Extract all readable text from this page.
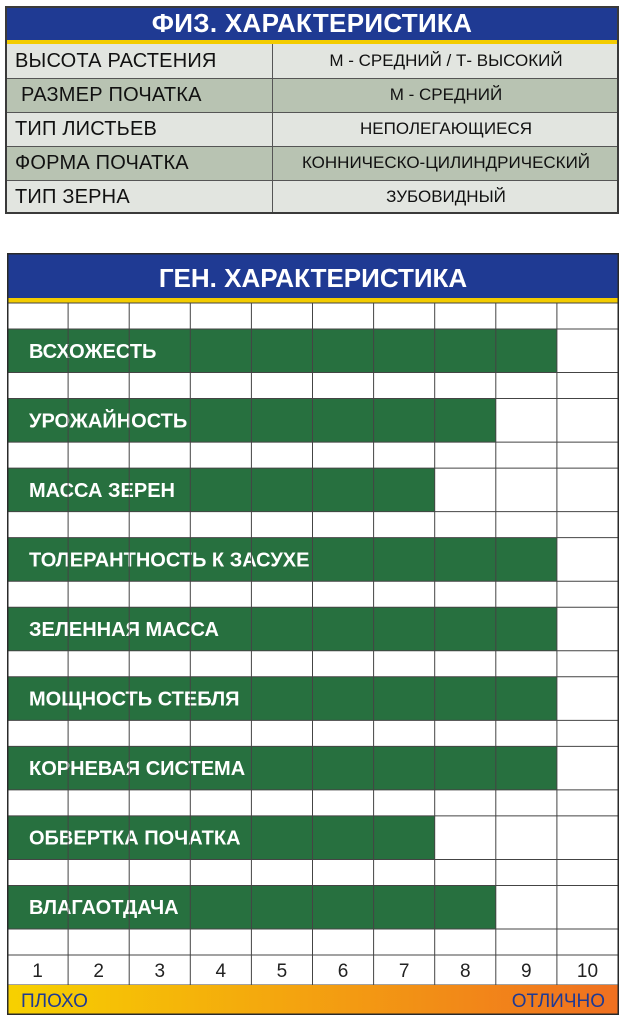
ФИЗ. ХАРАКТЕРИСТИКА
ВЫСОТА РАСТЕНИЯ	М - СРЕДНИЙ / Т- ВЫСОКИЙ
РАЗМЕР ПОЧАТКА	М - СРЕДНИЙ
ТИП ЛИСТЬЕВ	НЕПОЛЕГАЮЩИЕСЯ
ФОРМА ПОЧАТКА	КОННИЧЕСКО-ЦИЛИНДРИЧЕСКИЙ
ТИП ЗЕРНА	ЗУБОВИДНЫЙ
ГЕН. ХАРАКТЕРИСТИКА
ВСХОЖЕСТЬ
УРОЖАЙНОСТЬ
МАССА ЗЕРЕН
ТОЛЕРАНТНОСТЬ К ЗАСУХЕ
ЗЕЛЕННАЯ МАССА
МОЩНОСТЬ СТЕБЛЯ
КОРНЕВАЯ СИСТЕМА
ОБВЕРТКА ПОЧАТКА
ВЛАГАОТДАЧА
1	2	3	4	5	6	7	8	9 10
ПЛОХО	ОТЛИЧНО
